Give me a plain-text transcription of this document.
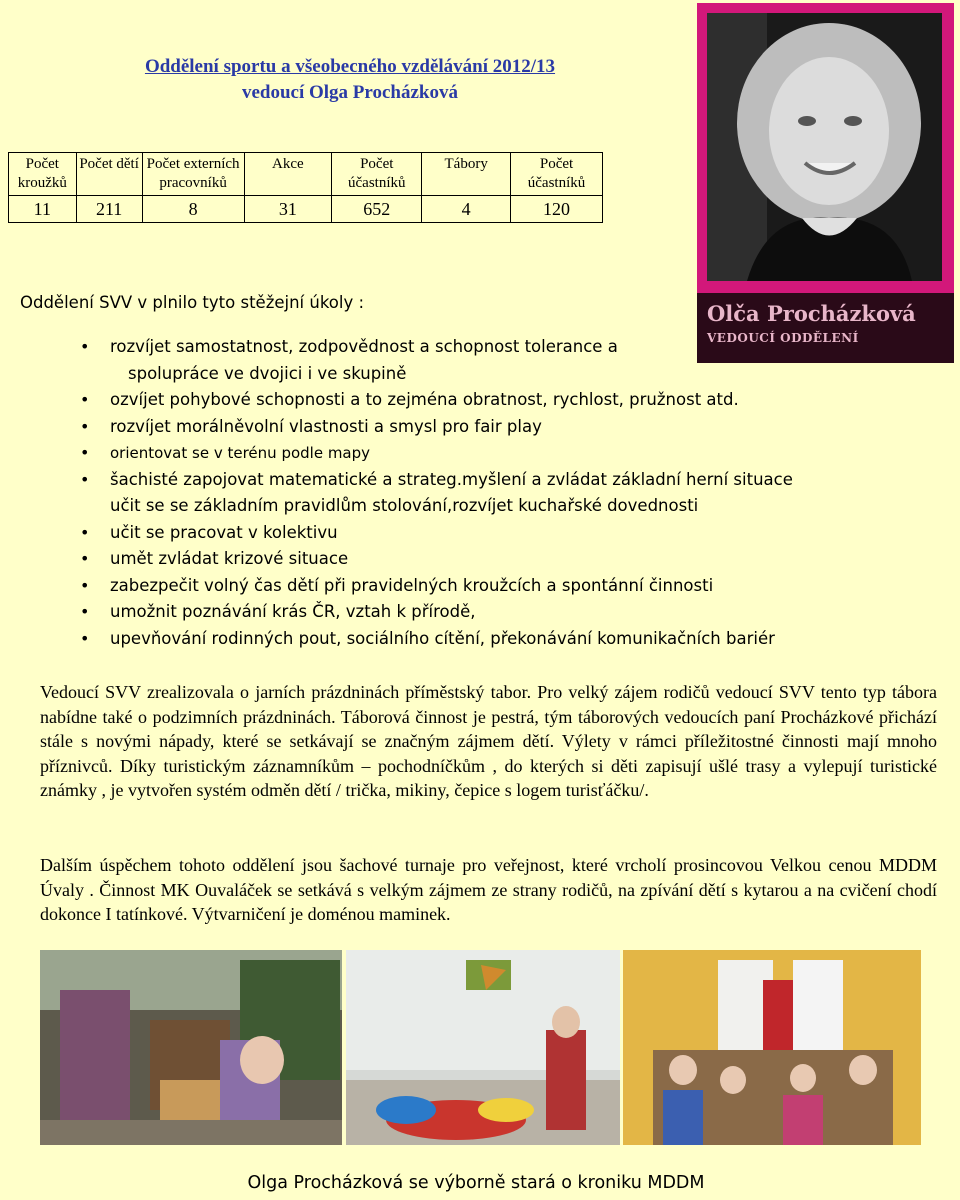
Oddělení sportu a všeobecného vzdělávání 2012/13
vedoucí Olga Procházková
Počet kroužků	Počet dětí	Počet externích pracovníků	Akce	Počet účastníků	Tábory	Počet účastníků
11	211	8	31	652	4	120
Olča Procházková
VEDOUCÍ ODDĚLENÍ
Oddělení SVV v plnilo tyto stěžejní úkoly :
• rozvíjet samostatnost, zodpovědnost a schopnost tolerance a
spolupráce ve dvojici i ve skupině
• ozvíjet pohybové schopnosti a to zejména obratnost, rychlost, pružnost atd.
• rozvíjet morálněvolní vlastnosti a smysl pro fair play
• orientovat se v terénu podle mapy
• šachisté zapojovat matematické a strateg.myšlení a zvládat základní herní situace
učit se se základním pravidlům stolování,rozvíjet kuchařské dovednosti
• učit se pracovat v kolektivu
• umět zvládat krizové situace
• zabezpečit volný čas dětí při pravidelných kroužcích a spontánní činnosti
• umožnit poznávání krás ČR, vztah k přírodě,
• upevňování rodinných pout, sociálního cítění, překonávání komunikačních bariér
Vedoucí SVV zrealizovala o jarních prázdninách příměstský tabor. Pro velký zájem rodičů vedoucí SVV tento typ tábora nabídne také o podzimních prázdninách. Táborová činnost je pestrá, tým táborových vedoucích paní Procházkové přichází stále s novými nápady, které se setkávají se značným zájmem dětí. Výlety v rámci příležitostné činnosti mají mnoho příznivců. Díky turistickým záznamníkům – pochodníčkům , do kterých si děti zapisují ušlé trasy a vylepují turistické známky , je vytvořen systém odměn dětí / trička, mikiny, čepice s logem turisťáčku/.
Dalším úspěchem tohoto oddělení jsou šachové turnaje pro veřejnost, které vrcholí prosincovou Velkou cenou MDDM Úvaly . Činnost MK Ouvaláček se setkává s velkým zájmem ze strany rodičů, na zpívání dětí s kytarou a na cvičení chodí dokonce I tatínkové. Výtvarničení je doménou maminek.
Olga Procházková se výborně stará o kroniku MDDM
